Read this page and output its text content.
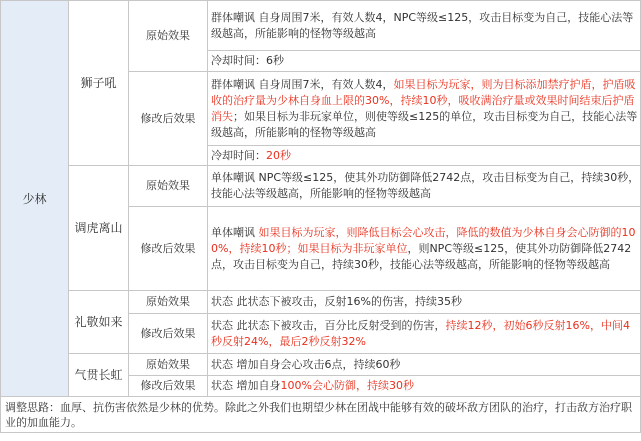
少林	狮子吼	原始效果	群体嘲讽 自身周围7米，有效人数4，NPC等级≤125，攻击目标变为自己，技能心法等级越高，所能影响的怪物等级越高
			冷却时间：6秒
		修改后效果	群体嘲讽 自身周围7米，有效人数4，如果目标为玩家，则为目标添加禁疗护盾，护盾吸收的治疗量为少林自身血上限的30%，持续10秒，吸收满治疗量或效果时间结束后护盾消失；如果目标为非玩家单位，则使等级≤125的单位，攻击目标变为自己，技能心法等级越高，所能影响的怪物等级越高
			冷却时间：20秒

	调虎离山	原始效果	单体嘲讽 NPC等级≤125，使其外功防御降低2742点，攻击目标变为自己，持续30秒，技能心法等级越高，所能影响的怪物等级越高
		修改后效果	单体嘲讽 如果目标为玩家，则降低目标会心攻击，降低的数值为少林自身会心防御的100%，持续10秒；如果目标为非玩家单位，则NPC等级≤125，使其外功防御降低2742点，攻击目标变为自己，持续30秒，技能心法等级越高，所能影响的怪物等级越高
	礼敬如来	原始效果	状态 此状态下被攻击，反射16%的伤害，持续35秒
		修改后效果	状态 此状态下被攻击，百分比反射受到的伤害，持续12秒，初始6秒反射16%，中间4秒反射24%，最后2秒反射32%
	气贯长虹	原始效果	状态 增加自身会心攻击6点，持续60秒
		修改后效果	状态 增加自身100%会心防御，持续30秒
调整思路：血厚、抗伤害依然是少林的优势。除此之外我们也期望少林在团战中能够有效的破坏敌方团队的治疗，打击敌方治疗职业的加血能力。			
